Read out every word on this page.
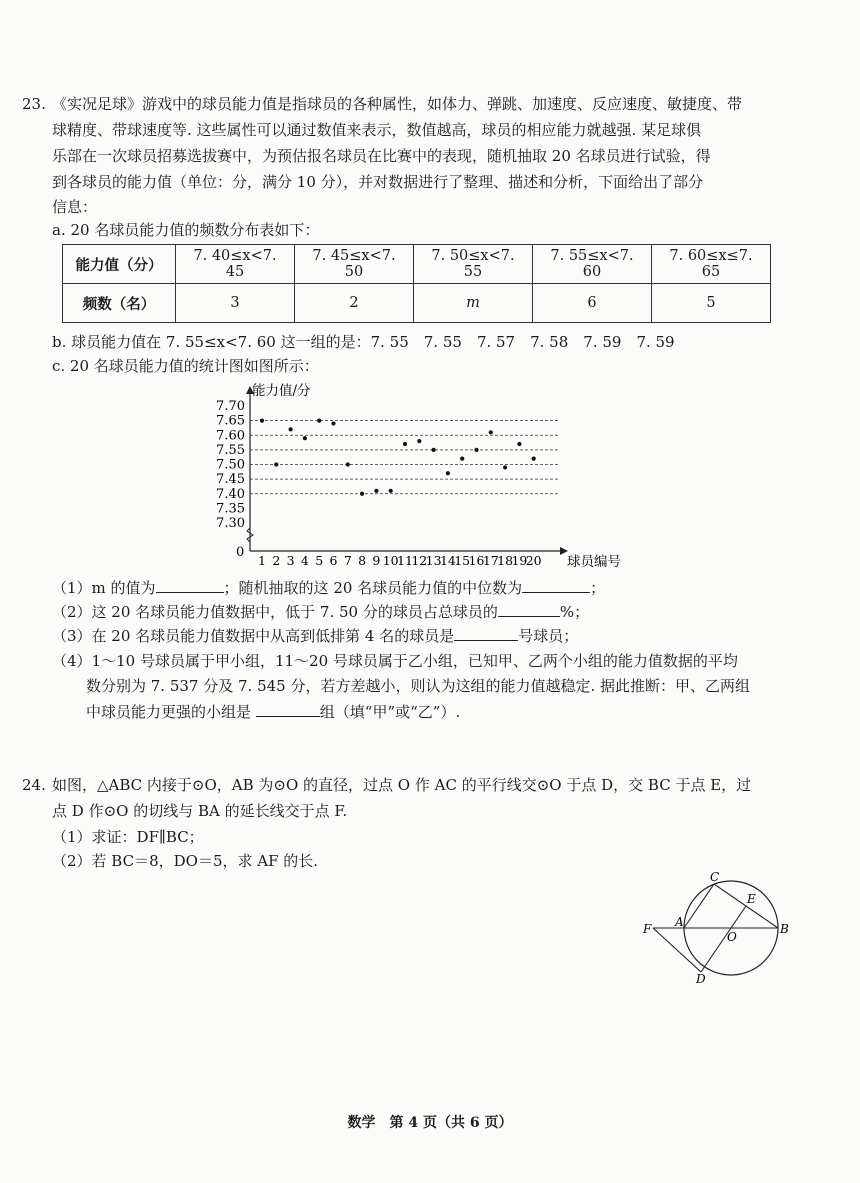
23. 《实况足球》游戏中的球员能力值是指球员的各种属性，如体力、弹跳、加速度、反应速度、敏捷度、带
球精度、带球速度等. 这些属性可以通过数值来表示，数值越高，球员的相应能力就越强. 某足球俱
乐部在一次球员招募选拔赛中，为预估报名球员在比赛中的表现，随机抽取 20 名球员进行试验，得
到各球员的能力值（单位：分，满分 10 分），并对数据进行了整理、描述和分析，下面给出了部分
信息：
a. 20 名球员能力值的频数分布表如下：
能力值（分）	7. 40≤x<7. 45	7. 45≤x<7. 50	7. 50≤x<7. 55	7. 55≤x<7. 60	7. 60≤x≤7. 65
频数（名）	3	2	m	6	5
b. 球员能力值在 7. 55≤x<7. 60 这一组的是：7. 55　7. 55　7. 57　7. 58　7. 59　7. 59
c. 20 名球员能力值的统计图如图所示：
7.70
7.65
7.60
7.55
7.50
7.45
7.40
7.35
7.30
1 2 3 4 5 6 7 8 9 10
11
12
13
14
15
16
17
18
19
20
能力值/分
球员编号
0
（1）m 的值为	；随机抽取的这 20 名球员能力值的中位数为	；
（2）这 20 名球员能力值数据中，低于 7. 50 分的球员占总球员的	%；
（3）在 20 名球员能力值数据中从高到低排第 4 名的球员是	号球员；
（4）1～10 号球员属于甲小组，11～20 号球员属于乙小组，已知甲、乙两个小组的能力值数据的平均
数分别为 7. 537 分及 7. 545 分，若方差越小，则认为这组的能力值越稳定. 据此推断：甲、乙两组
中球员能力更强的小组是	组（填“甲”或“乙”）.
24. 如图，△ABC 内接于⊙O，AB 为⊙O 的直径，过点 O 作 AC 的平行线交⊙O 于点 D，交 BC 于点 E，过
点 D 作⊙O 的切线与 BA 的延长线交于点 F.
（1）求证：DF∥BC；
（2）若 BC＝8，DO＝5，求 AF 的长.
C
E
F A
O
B
D
数学　第 4 页（共 6 页）
